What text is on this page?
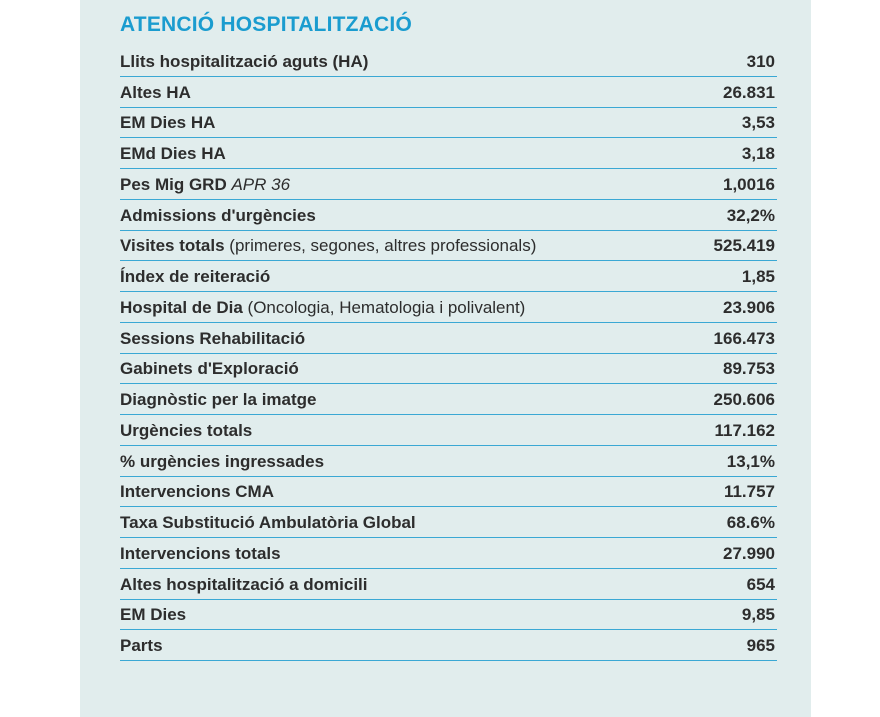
ATENCIÓ HOSPITALITZACIÓ
Llits hospitalització aguts (HA)	310
Altes HA	26.831
EM Dies HA	3,53
EMd Dies HA	3,18
Pes Mig GRD APR 36	1,0016
Admissions d'urgències	32,2%
Visites totals (primeres, segones, altres professionals)	525.419
Índex de reiteració	1,85
Hospital de Dia (Oncologia, Hematologia i polivalent)	23.906
Sessions Rehabilitació	166.473
Gabinets d'Exploració	89.753
Diagnòstic per la imatge	250.606
Urgències totals	117.162
% urgències ingressades	13,1%
Intervencions CMA	11.757
Taxa Substitució Ambulatòria Global	68.6%
Intervencions totals	27.990
Altes hospitalització a domicili	654
EM Dies	9,85
Parts	965
